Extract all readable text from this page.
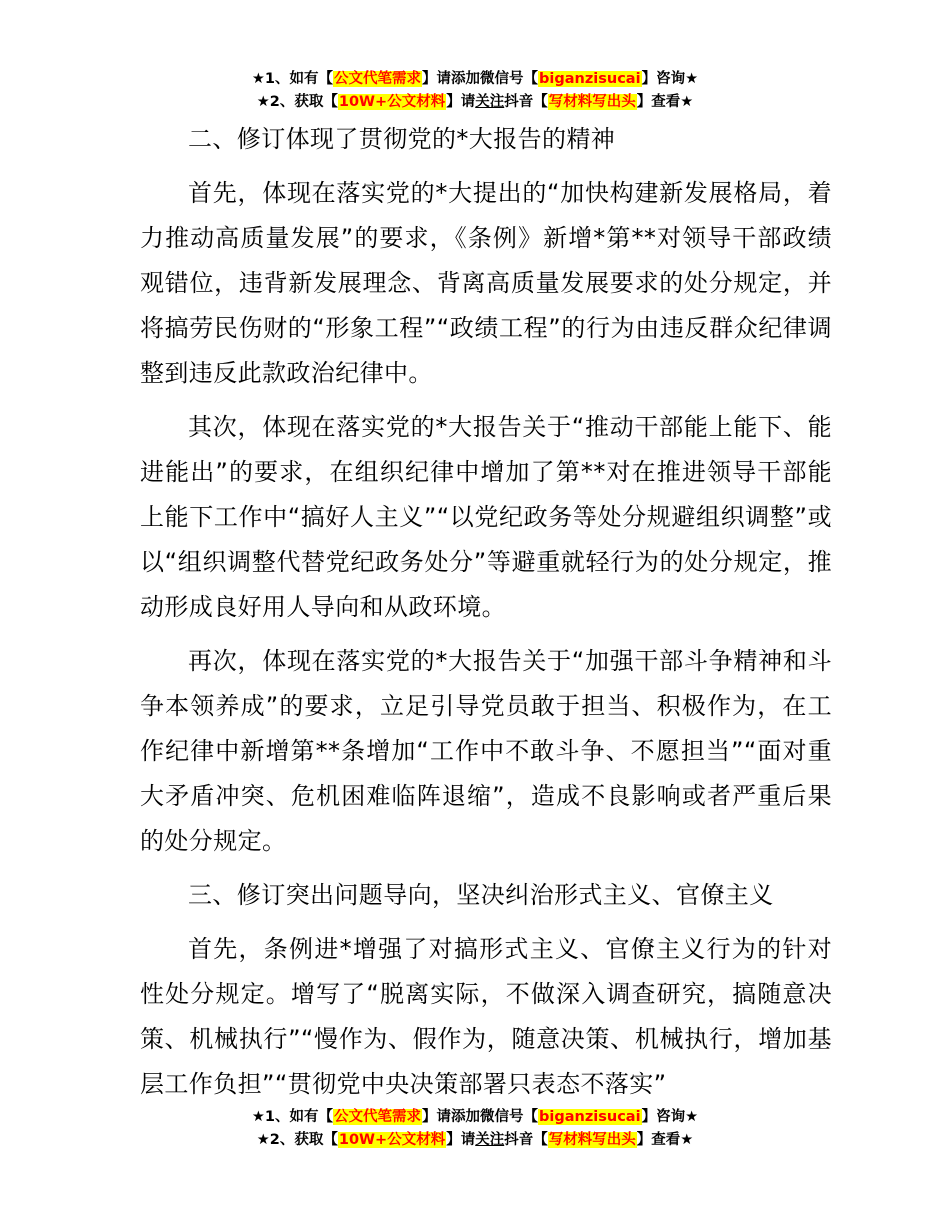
★1、如有【公文代笔需求】请添加微信号【biganzisucai】咨询★
★2、获取【10W+公文材料】请关注抖音【写材料写出头】查看★

二、修订体现了贯彻党的*大报告的精神

首先，体现在落实党的*大提出的“加快构建新发展格局，着力推动高质量发展”的要求，《条例》新增*第**对领导干部政绩观错位，违背新发展理念、背离高质量发展要求的处分规定，并将搞劳民伤财的“形象工程”“政绩工程”的行为由违反群众纪律调整到违反此款政治纪律中。

其次，体现在落实党的*大报告关于“推动干部能上能下、能进能出”的要求，在组织纪律中增加了第**对在推进领导干部能上能下工作中“搞好人主义”“以党纪政务等处分规避组织调整”或以“组织调整代替党纪政务处分”等避重就轻行为的处分规定，推动形成良好用人导向和从政环境。

再次，体现在落实党的*大报告关于“加强干部斗争精神和斗争本领养成”的要求，立足引导党员敢于担当、积极作为，在工作纪律中新增第**条增加“工作中不敢斗争、不愿担当”“面对重大矛盾冲突、危机困难临阵退缩”，造成不良影响或者严重后果的处分规定。

三、修订突出问题导向，坚决纠治形式主义、官僚主义

首先，条例进*增强了对搞形式主义、官僚主义行为的针对性处分规定。增写了“脱离实际，不做深入调查研究，搞随意决策、机械执行”“慢作为、假作为，随意决策、机械执行，增加基层工作负担”“贯彻党中央决策部署只表态不落实”

★1、如有【公文代笔需求】请添加微信号【biganzisucai】咨询★
★2、获取【10W+公文材料】请关注抖音【写材料写出头】查看★
